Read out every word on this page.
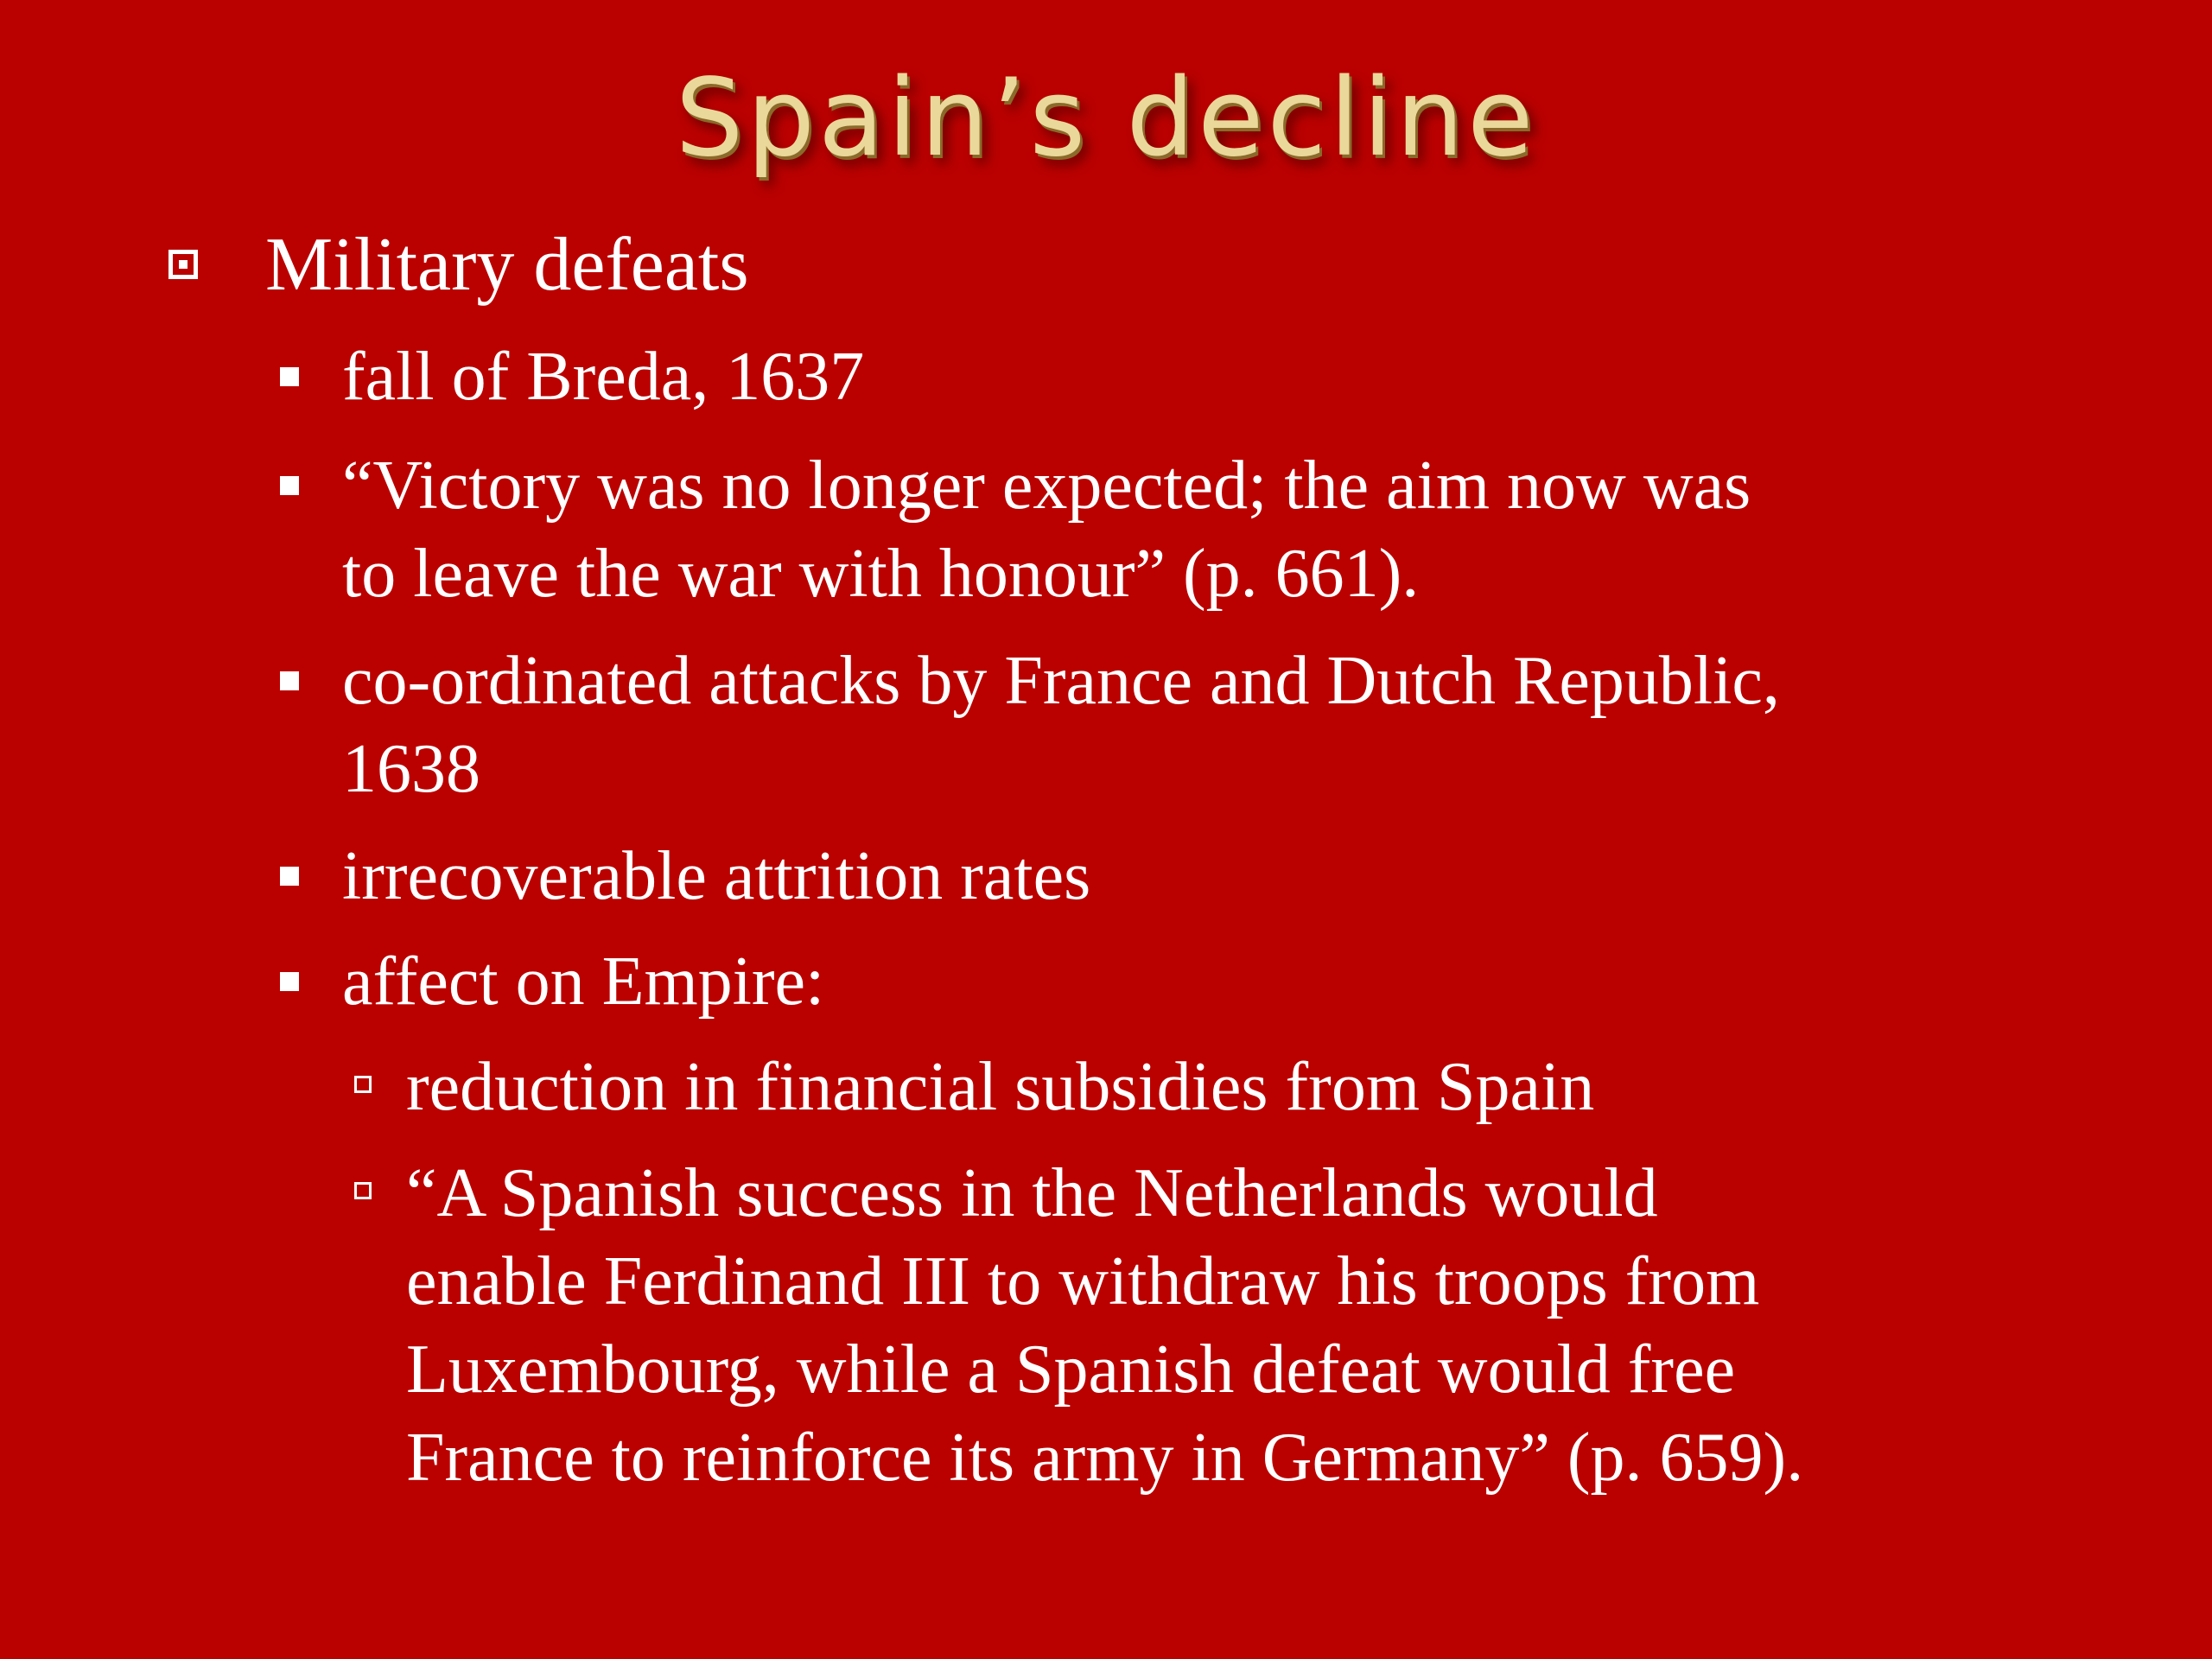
Spain’s decline
Military defeats
fall of Breda, 1637
“Victory was no longer expected; the aim now was
to leave the war with honour” (p. 661).
co-ordinated attacks by France and Dutch Republic,
1638
irrecoverable attrition rates
affect on Empire:
reduction in financial subsidies from Spain
“A Spanish success in the Netherlands would
enable Ferdinand III to withdraw his troops from
Luxembourg, while a Spanish defeat would free
France to reinforce its army in Germany” (p. 659).
